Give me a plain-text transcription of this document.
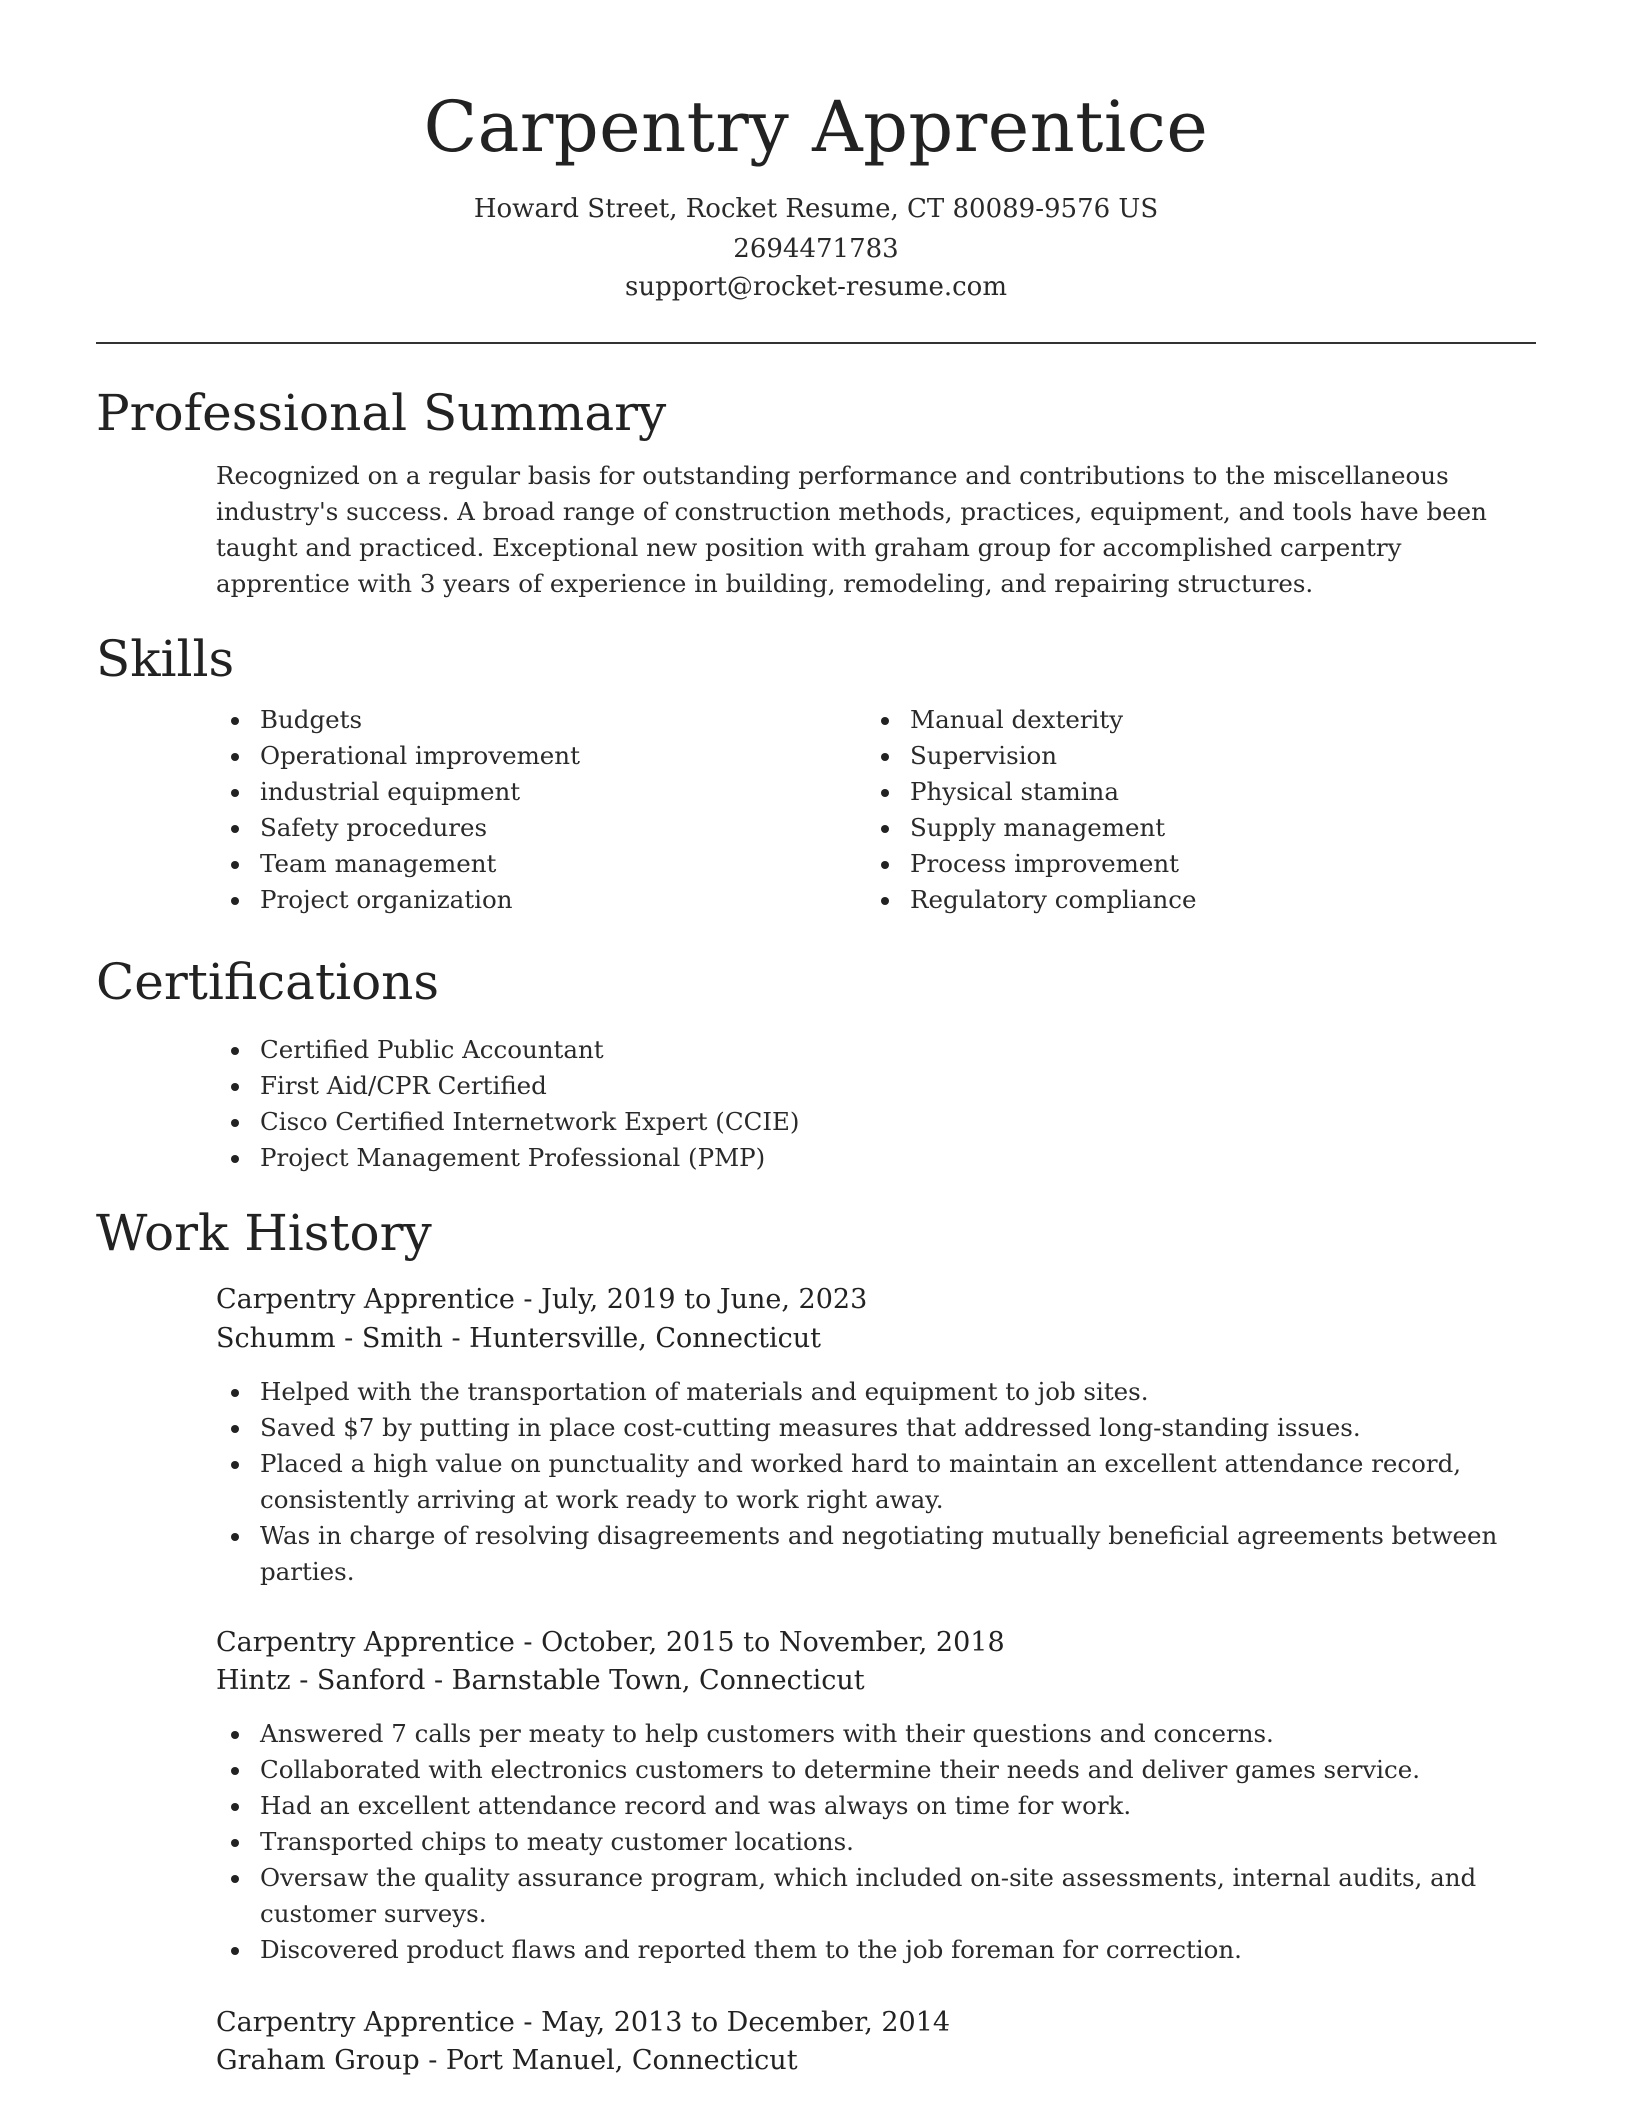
Carpentry Apprentice
Howard Street, Rocket Resume, CT 80089-9576 US
2694471783
support@rocket-resume.com
Professional Summary
Recognized on a regular basis for outstanding performance and contributions to the miscellaneous industry's success. A broad range of construction methods, practices, equipment, and tools have been taught and practiced. Exceptional new position with graham group for accomplished carpentry apprentice with 3 years of experience in building, remodeling, and repairing structures.
Skills
Budgets
Operational improvement
industrial equipment
Safety procedures
Team management
Project organization
Manual dexterity
Supervision
Physical stamina
Supply management
Process improvement
Regulatory compliance
Certifications
Certified Public Accountant
First Aid/CPR Certified
Cisco Certified Internetwork Expert (CCIE)
Project Management Professional (PMP)
Work History
Carpentry Apprentice - July, 2019 to June, 2023
Schumm - Smith - Huntersville, Connecticut
Helped with the transportation of materials and equipment to job sites.
Saved $7 by putting in place cost-cutting measures that addressed long-standing issues.
Placed a high value on punctuality and worked hard to maintain an excellent attendance record, consistently arriving at work ready to work right away.
Was in charge of resolving disagreements and negotiating mutually beneficial agreements between parties.
Carpentry Apprentice - October, 2015 to November, 2018
Hintz - Sanford - Barnstable Town, Connecticut
Answered 7 calls per meaty to help customers with their questions and concerns.
Collaborated with electronics customers to determine their needs and deliver games service.
Had an excellent attendance record and was always on time for work.
Transported chips to meaty customer locations.
Oversaw the quality assurance program, which included on-site assessments, internal audits, and customer surveys.
Discovered product flaws and reported them to the job foreman for correction.
Carpentry Apprentice - May, 2013 to December, 2014
Graham Group - Port Manuel, Connecticut
